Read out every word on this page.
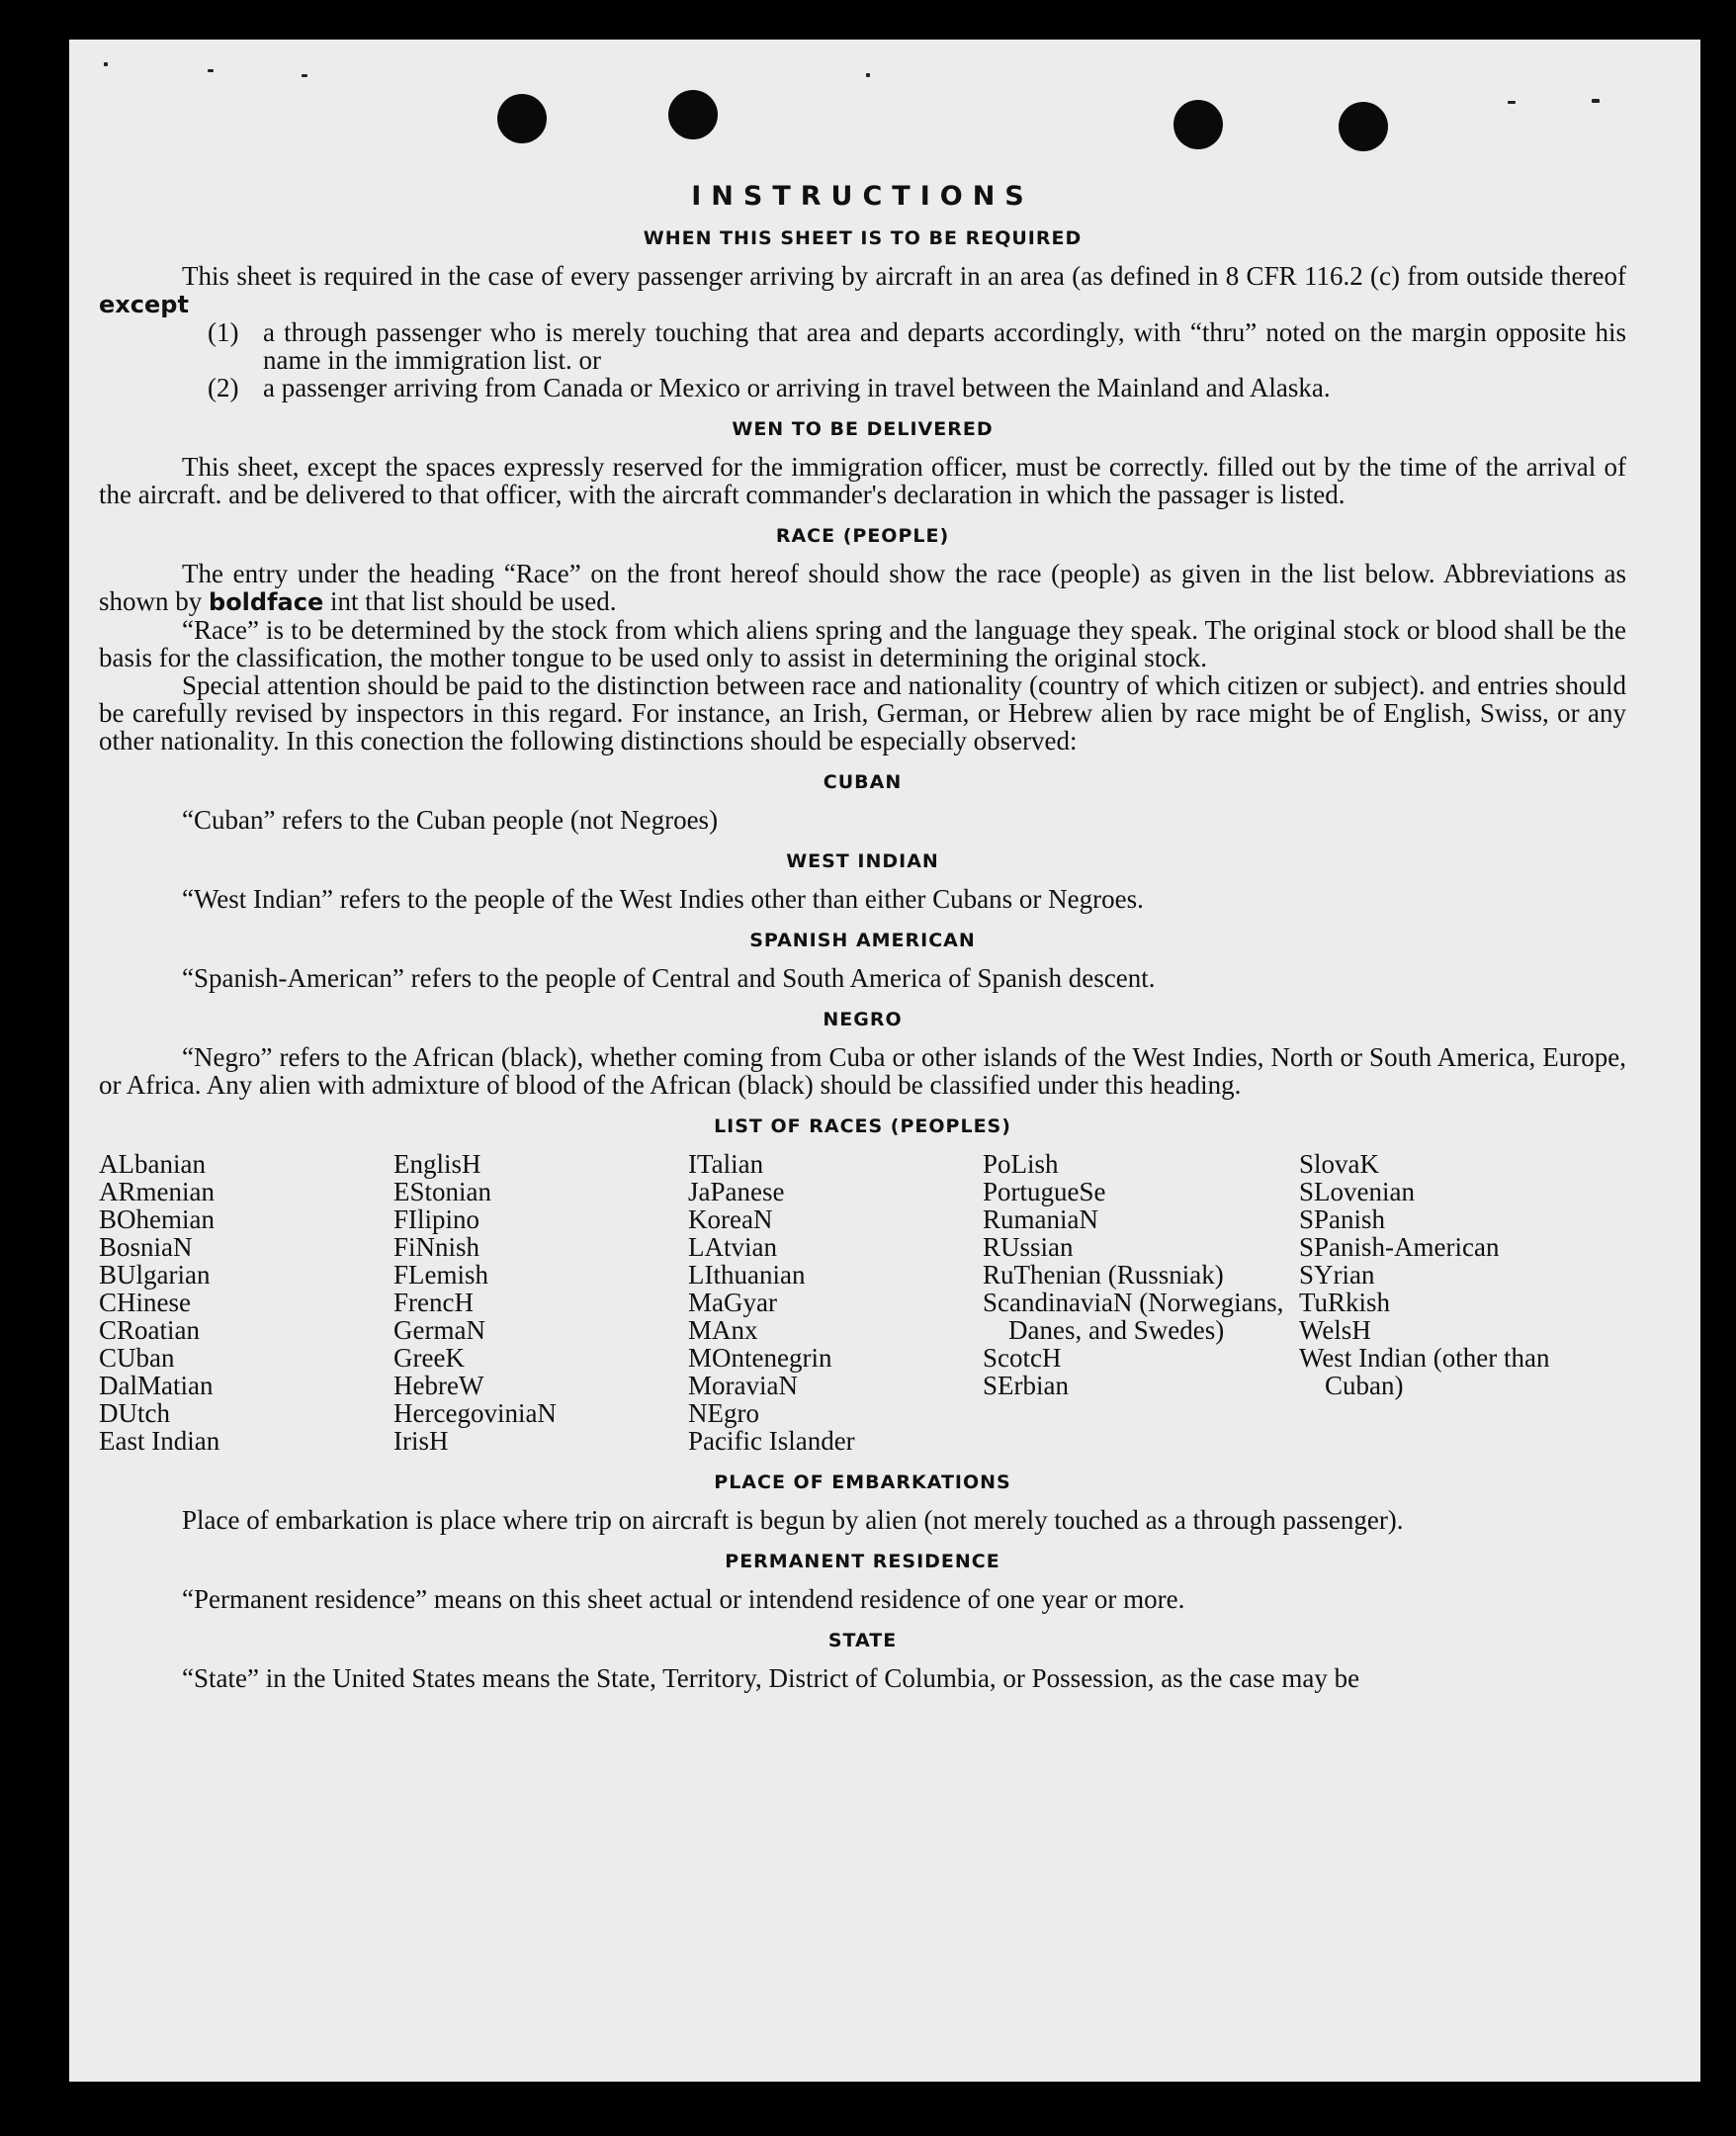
INSTRUCTIONS
WHEN THIS SHEET IS TO BE REQUIRED

This sheet is required in the case of every passenger arriving by aircraft in an area (as defined in 8 CFR 116.2 (c) from outside thereof except

(1) a through passenger who is merely touching that area and departs accordingly, with “thru” noted on the margin opposite his name in the immigration list. or
(2) a passenger arriving from Canada or Mexico or arriving in travel between the Mainland and Alaska.
WEN TO BE DELIVERED

This sheet, except the spaces expressly reserved for the immigration officer, must be correctly. filled out by the time of the arrival of the aircraft. and be delivered to that officer, with the aircraft commander's declaration in which the passager is listed.

RACE (PEOPLE)

The entry under the heading “Race” on the front hereof should show the race (people) as given in the list below. Abbreviations as shown by boldface int that list should be used.

“Race” is to be determined by the stock from which aliens spring and the language they speak. The original stock or blood shall be the basis for the classification, the mother tongue to be used only to assist in determining the original stock.

Special attention should be paid to the distinction between race and nationality (country of which citizen or subject). and entries should be carefully revised by inspectors in this regard. For instance, an Irish, German, or Hebrew alien by race might be of English, Swiss, or any other nationality. In this conection the following distinctions should be especially observed:

CUBAN

“Cuban” refers to the Cuban people (not Negroes)

WEST INDIAN

“West Indian” refers to the people of the West Indies other than either Cubans or Negroes.

SPANISH AMERICAN

“Spanish-American” refers to the people of Central and South America of Spanish descent.

NEGRO

“Negro” refers to the African (black), whether coming from Cuba or other islands of the West Indies, North or South America, Europe, or Africa. Any alien with admixture of blood of the African (black) should be classified under this heading.

LIST OF RACES (PEOPLES)
ALbanian
ARmenian
BOhemian
BosniaN
BUlgarian
CHinese
CRoatian
CUban
DalMatian
DUtch
East Indian
EnglisH
EStonian
FIlipino
FiNnish
FLemish
FrencH
GermaN
GreeK
HebreW
HercegoviniaN
IrisH
ITalian
JaPanese
KoreaN
LAtvian
LIthuanian
MaGyar
MAnx
MOntenegrin
MoraviaN
NEgro
Pacific Islander
PoLish
PortugueSe
RumaniaN
RUssian
RuThenian (Russniak)
ScandinaviaN (Norwegians, Danes, and Swedes)
ScotcH
SErbian
SlovaK
SLovenian
SPanish
SPanish-American
SYrian
TuRkish
WelsH
West Indian (other than Cuban)
PLACE OF EMBARKATIONS

Place of embarkation is place where trip on aircraft is begun by alien (not merely touched as a through passenger).

PERMANENT RESIDENCE

“Permanent residence” means on this sheet actual or intendend residence of one year or more.

STATE

“State” in the United States means the State, Territory, District of Columbia, or Possession, as the case may be
